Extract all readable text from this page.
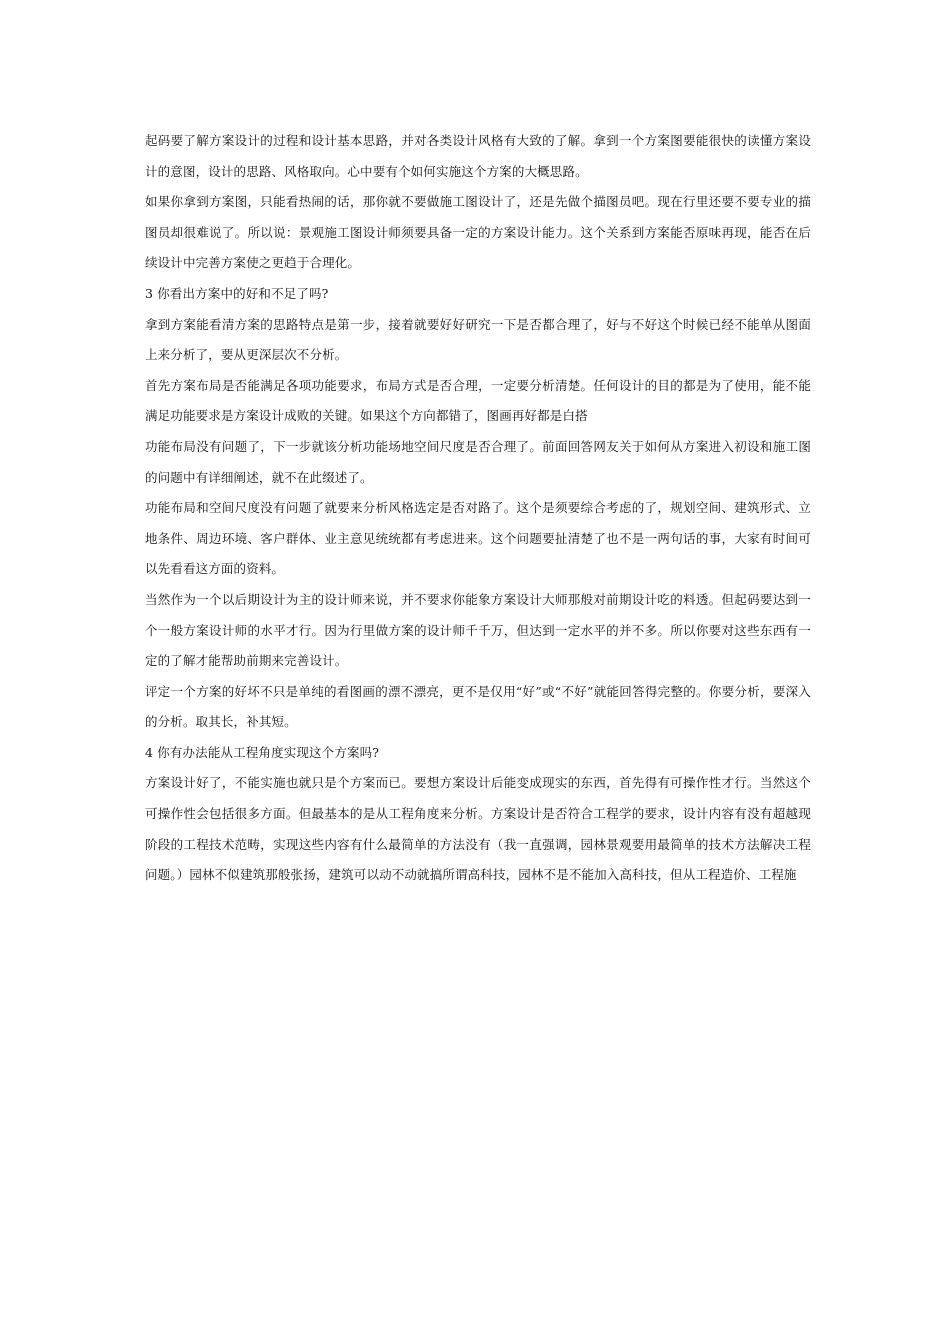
起码要了解方案设计的过程和设计基本思路，并对各类设计风格有大致的了解。拿到一个方案图要能很快的读懂方案设计的意图，设计的思路、风格取向。心中要有个如何实施这个方案的大概思路。

如果你拿到方案图，只能看热闹的话，那你就不要做施工图设计了，还是先做个描图员吧。现在行里还要不要专业的描图员却很难说了。所以说：景观施工图设计师须要具备一定的方案设计能力。这个关系到方案能否原味再现，能否在后续设计中完善方案使之更趋于合理化。

3 你看出方案中的好和不足了吗?

拿到方案能看清方案的思路特点是第一步，接着就要好好研究一下是否都合理了，好与不好这个时候已经不能单从图面上来分析了，要从更深层次不分析。

首先方案布局是否能满足各项功能要求，布局方式是否合理，一定要分析清楚。任何设计的目的都是为了使用，能不能满足功能要求是方案设计成败的关键。如果这个方向都错了，图画再好都是白搭

功能布局没有问题了，下一步就该分析功能场地空间尺度是否合理了。前面回答网友关于如何从方案进入初设和施工图的问题中有详细阐述，就不在此缀述了。

功能布局和空间尺度没有问题了就要来分析风格选定是否对路了。这个是须要综合考虑的了，规划空间、建筑形式、立地条件、周边环境、客户群体、业主意见统统都有考虑进来。这个问题要扯清楚了也不是一两句话的事，大家有时间可以先看看这方面的资料。

当然作为一个以后期设计为主的设计师来说，并不要求你能象方案设计大师那般对前期设计吃的料透。但起码要达到一个一般方案设计师的水平才行。因为行里做方案的设计师千千万，但达到一定水平的并不多。所以你要对这些东西有一定的了解才能帮助前期来完善设计。

评定一个方案的好坏不只是单纯的看图画的漂不漂亮，更不是仅用“好”或“不好”就能回答得完整的。你要分析，要深入的分析。取其长，补其短。

4 你有办法能从工程角度实现这个方案吗?

方案设计好了，不能实施也就只是个方案而已。要想方案设计后能变成现实的东西，首先得有可操作性才行。当然这个可操作性会包括很多方面。但最基本的是从工程角度来分析。方案设计是否符合工程学的要求，设计内容有没有超越现阶段的工程技术范畴，实现这些内容有什么最简单的方法没有（我一直强调，园林景观要用最简单的技术方法解决工程问题。）园林不似建筑那般张扬，建筑可以动不动就搞所谓高科技，园林不是不能加入高科技，但从工程造价、工程施
